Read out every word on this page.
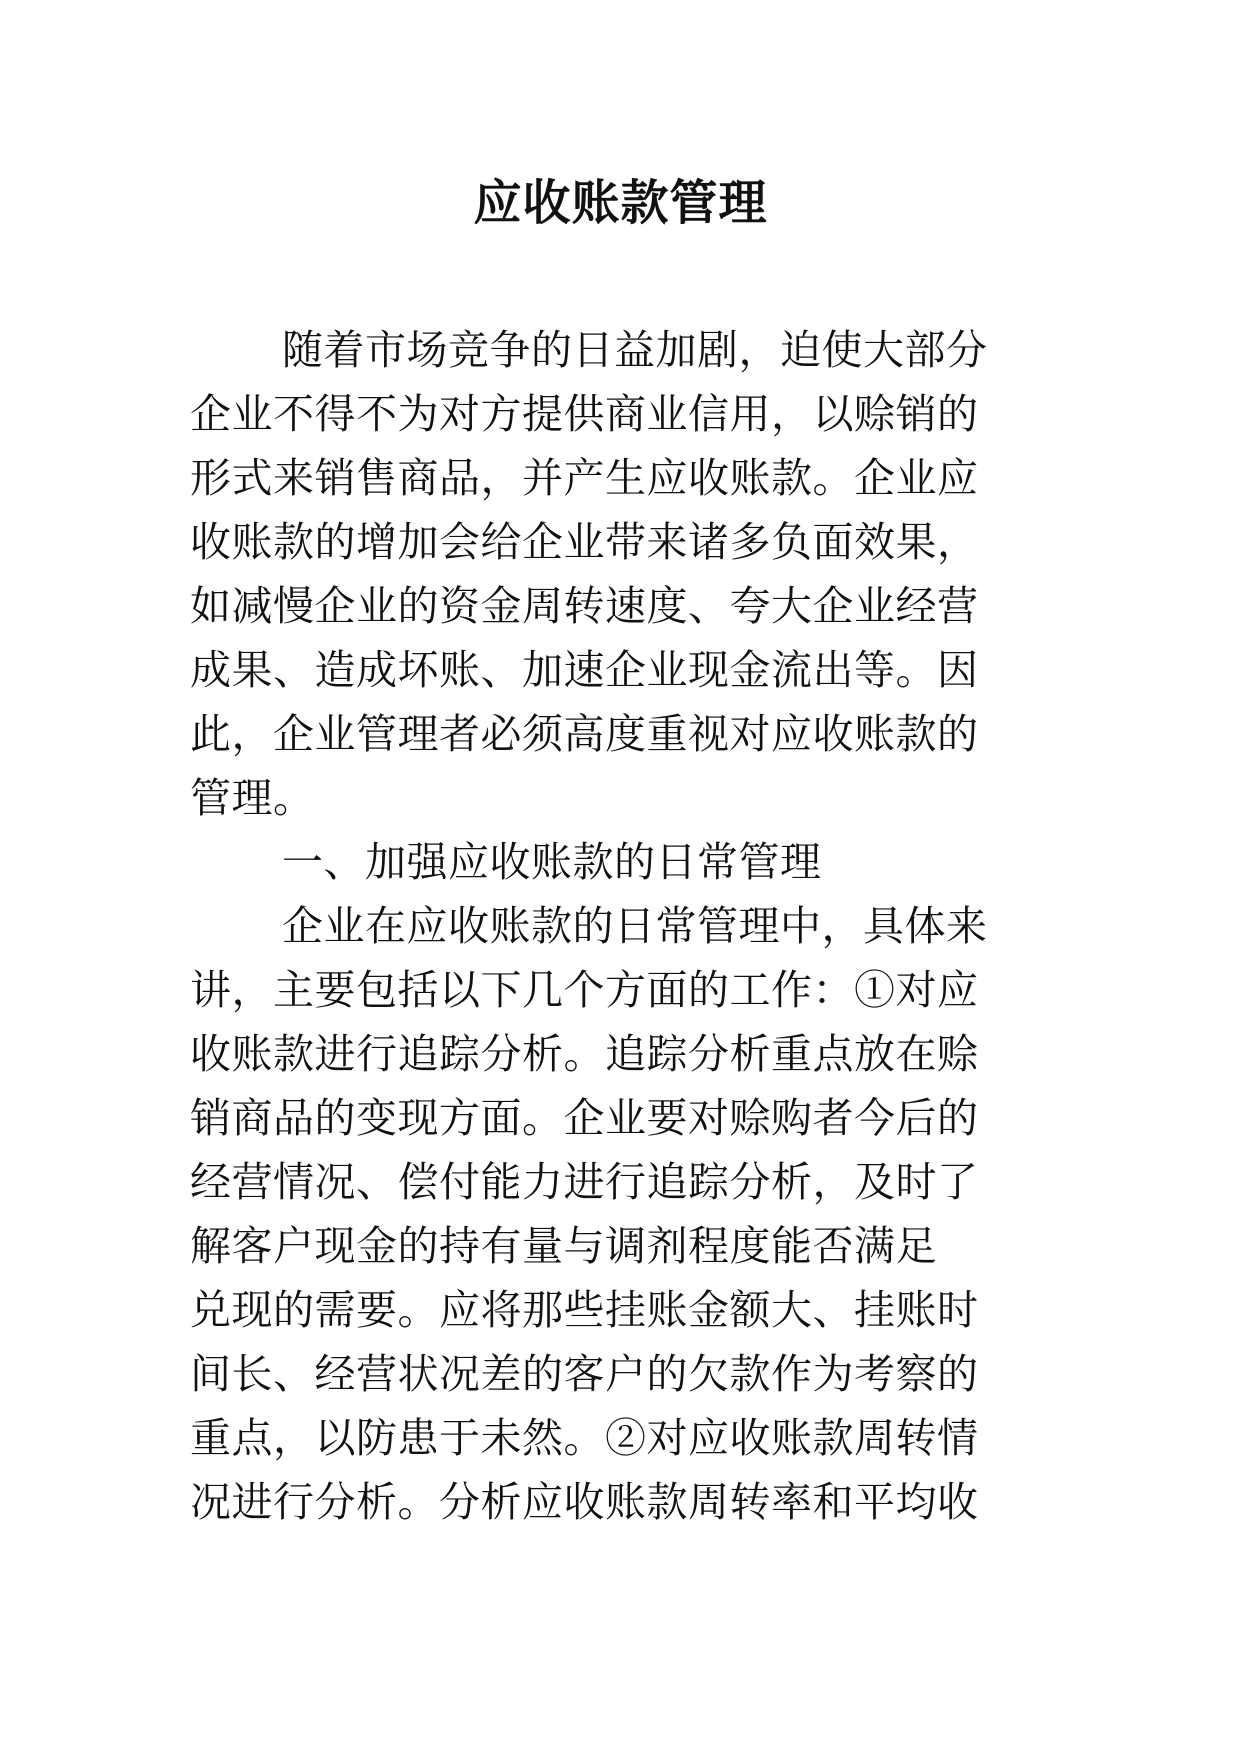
应收账款管理
随着市场竞争的日益加剧，迫使大部分
企业不得不为对方提供商业信用，以赊销的
形式来销售商品，并产生应收账款。企业应
收账款的增加会给企业带来诸多负面效果，
如减慢企业的资金周转速度、夸大企业经营
成果、造成坏账、加速企业现金流出等。因
此，企业管理者必须高度重视对应收账款的
管理。
一、加强应收账款的日常管理
企业在应收账款的日常管理中，具体来
讲，主要包括以下几个方面的工作：①对应
收账款进行追踪分析。追踪分析重点放在赊
销商品的变现方面。企业要对赊购者今后的
经营情况、偿付能力进行追踪分析，及时了
解客户现金的持有量与调剂程度能否满足
兑现的需要。应将那些挂账金额大、挂账时
间长、经营状况差的客户的欠款作为考察的
重点，以防患于未然。②对应收账款周转情
况进行分析。分析应收账款周转率和平均收
